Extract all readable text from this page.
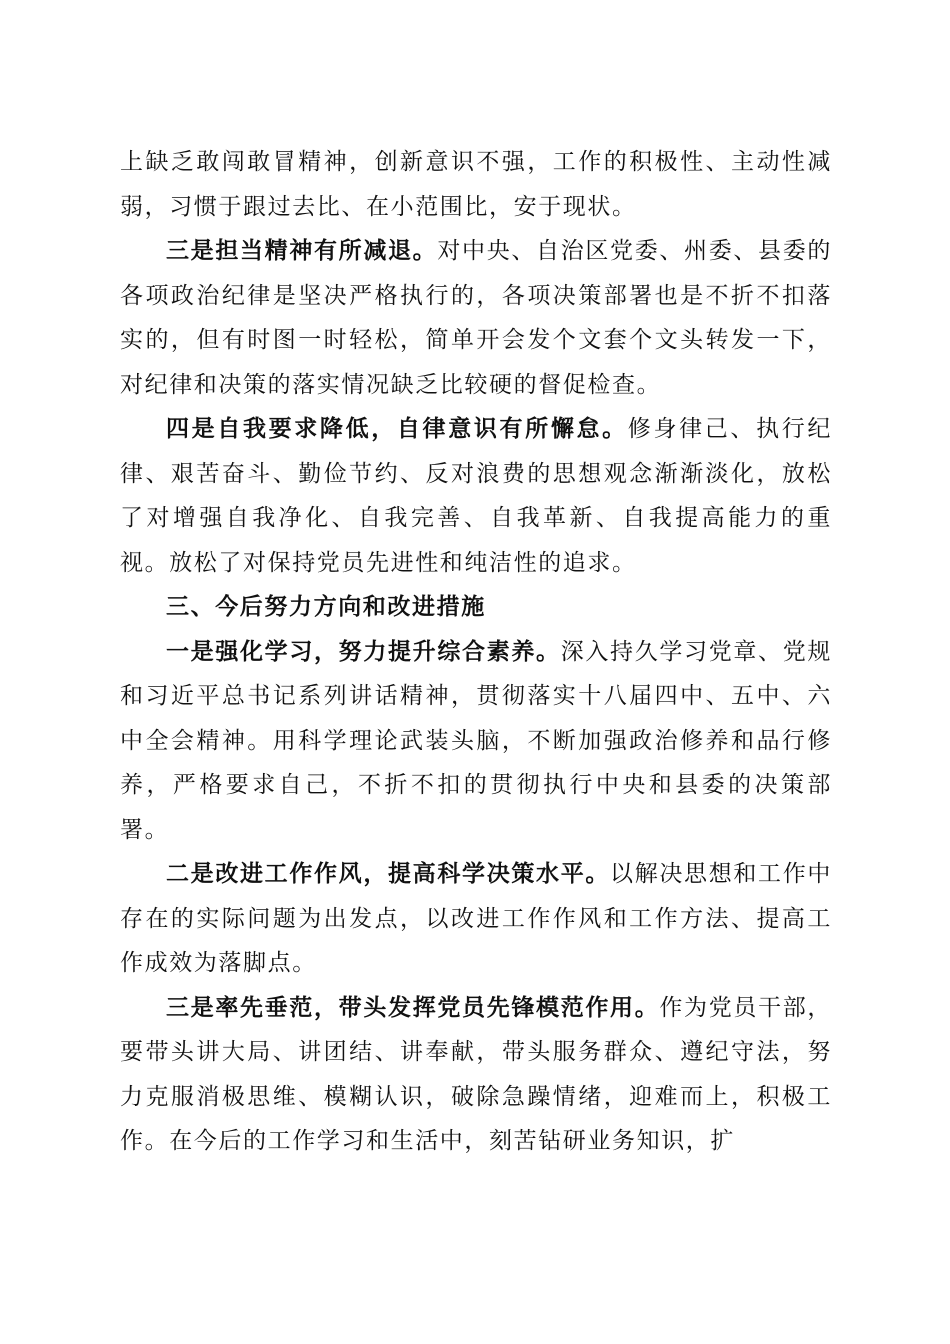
上缺乏敢闯敢冒精神，创新意识不强，工作的积极性、主动性减弱，习惯于跟过去比、在小范围比，安于现状。

三是担当精神有所减退。对中央、自治区党委、州委、县委的各项政治纪律是坚决严格执行的，各项决策部署也是不折不扣落实的，但有时图一时轻松，简单开会发个文套个文头转发一下，对纪律和决策的落实情况缺乏比较硬的督促检查。

四是自我要求降低，自律意识有所懈怠。修身律己、执行纪律、艰苦奋斗、勤俭节约、反对浪费的思想观念渐渐淡化，放松了对增强自我净化、自我完善、自我革新、自我提高能力的重视。放松了对保持党员先进性和纯洁性的追求。

三、今后努力方向和改进措施

一是强化学习，努力提升综合素养。深入持久学习党章、党规和习近平总书记系列讲话精神，贯彻落实十八届四中、五中、六中全会精神。用科学理论武装头脑，不断加强政治修养和品行修养，严格要求自己，不折不扣的贯彻执行中央和县委的决策部署。

二是改进工作作风，提高科学决策水平。以解决思想和工作中存在的实际问题为出发点，以改进工作作风和工作方法、提高工作成效为落脚点。

三是率先垂范，带头发挥党员先锋模范作用。作为党员干部，要带头讲大局、讲团结、讲奉献，带头服务群众、遵纪守法，努力克服消极思维、模糊认识，破除急躁情绪，迎难而上，积极工作。在今后的工作学习和生活中，刻苦钻研业务知识，扩
